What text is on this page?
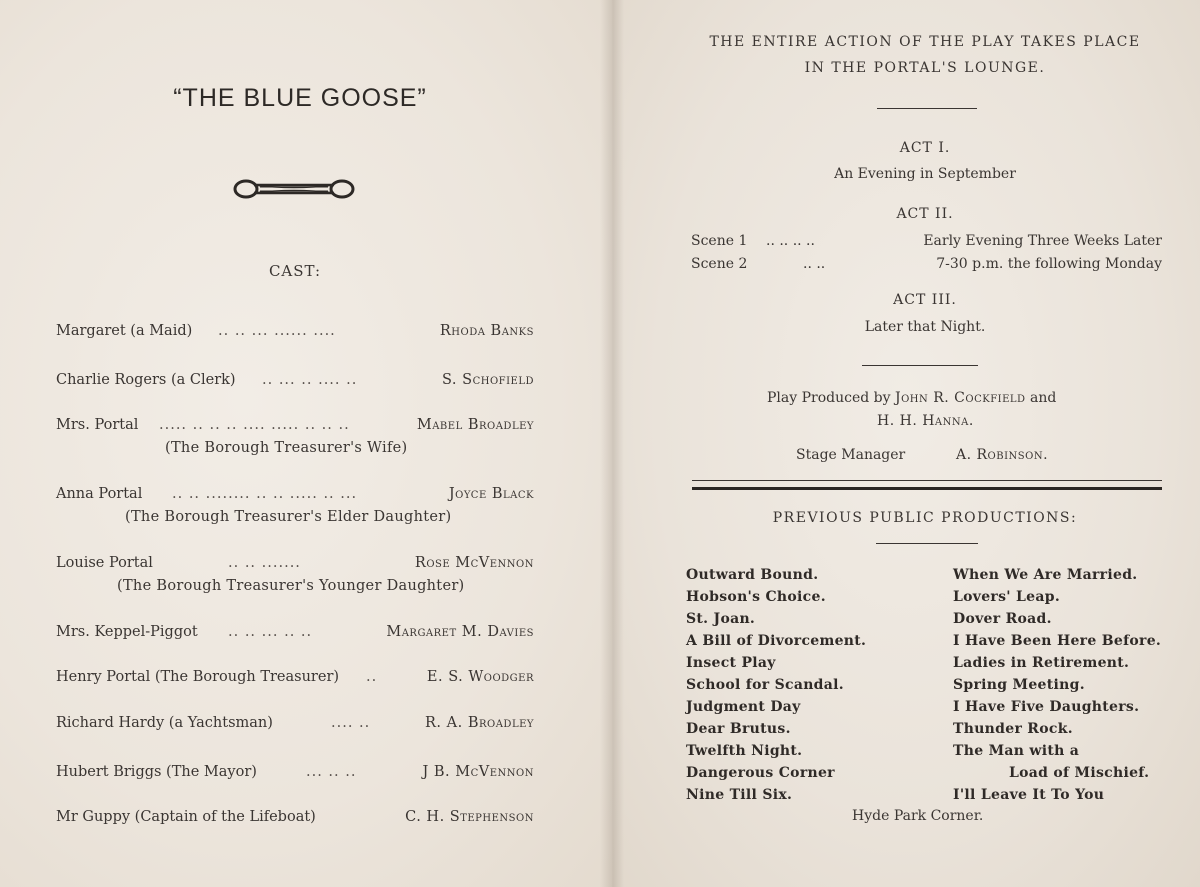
“THE BLUE GOOSE”
CAST:
Margaret (a Maid) .. .. ... ...... ....	Rhoda Banks
Charlie Rogers (a Clerk) .. ... .. .... ..	S. Schofield
Mrs. Portal ..... .. .. .. .... ..... .. .. ..	Mabel Broadley
(The Borough Treasurer's Wife)
Anna Portal .. .. ........ .. .. ..... .. ...	Joyce Black
(The Borough Treasurer's Elder Daughter)
Louise Portal	.. .. .......	Rose McVennon
(The Borough Treasurer's Younger Daughter)
Mrs. Keppel-Piggot .. .. ... .. ..	Margaret M. Davies
Henry Portal (The Borough Treasurer) ..	E. S. Woodger
Richard Hardy (a Yachtsman)	.... ..	R. A. Broadley
Hubert Briggs (The Mayor)	... .. ..	J B. McVennon
Mr Guppy (Captain of the Lifeboat)	C. H. Stephenson
THE ENTIRE ACTION OF THE PLAY TAKES PLACE
IN THE PORTAL'S LOUNGE.
ACT I.
An Evening in September
ACT II.
Scene 1 .. .. .. ..	Early Evening Three Weeks Later
Scene 2	.. ..	7-30 p.m. the following Monday
ACT III.
Later that Night.
Play Produced by John R. Cockfield and
H. H. Hanna.
Stage Manager	A. Robinson.
PREVIOUS PUBLIC PRODUCTIONS:
Outward Bound.
Hobson's Choice.
St. Joan.
A Bill of Divorcement.
Insect Play
School for Scandal.
Judgment Day
Dear Brutus.
Twelfth Night.
Dangerous Corner
Nine Till Six.
When We Are Married.
Lovers' Leap.
Dover Road.
I Have Been Here Before.
Ladies in Retirement.
Spring Meeting.
I Have Five Daughters.
Thunder Rock.
The Man with a
Load of Mischief.
I'll Leave It To You
Hyde Park Corner.
